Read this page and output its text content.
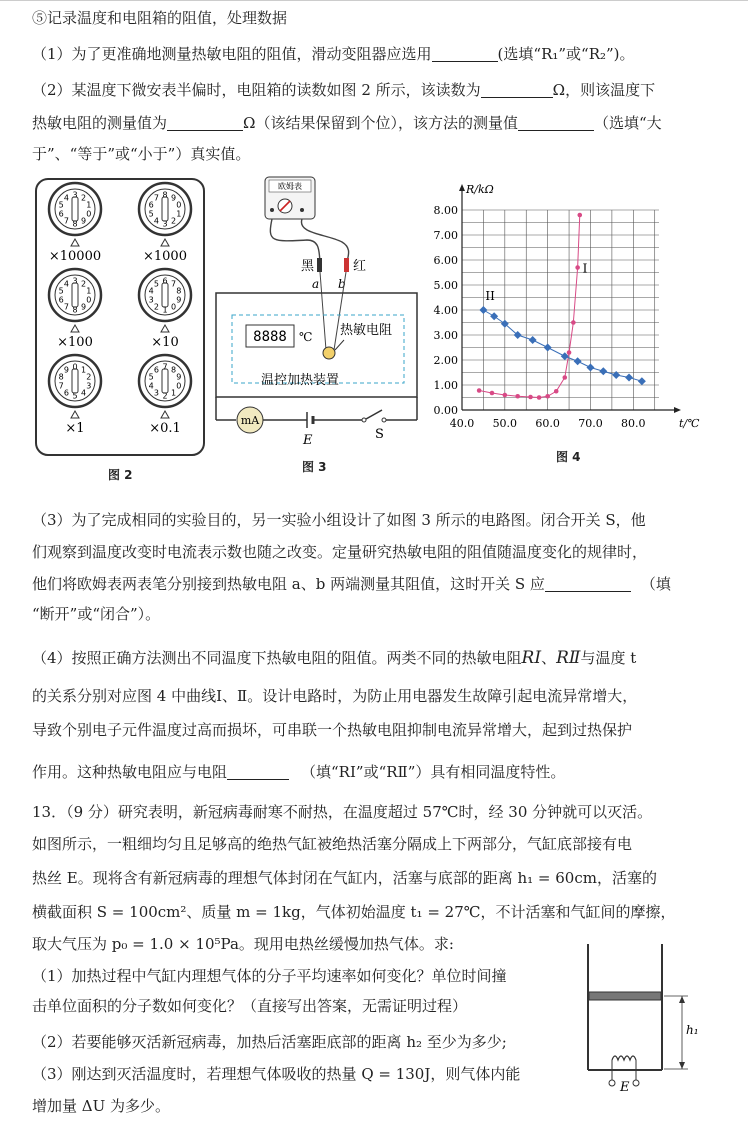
⑤记录温度和电阻箱的阻值，处理数据
（1）为了更准确地测量热敏电阻的阻值，滑动变阻器应选用	(选填“R₁”或“R₂”)。
（2）某温度下微安表半偏时，电阻箱的读数如图 2 所示，该读数为	Ω，则该温度下
热敏电阻的测量值为	Ω（该结果保留到个位），该方法的测量值	（选填“大
于”、“等于”或“小于”）真实值。
8
7
6
5
4 3 2
1
0
9
×10000
3
4
5
6
7 8 9
0
1
2
×1000
8
7
6
5
4 3 2
1
0
9
×100
1
2
3
4
5 6 7
8
9
0
×10
5
6
7
8
9 0 1
2
3
4
×1
2
3
4
5
6 7 8
9
0
1
×0.1
图 2
欧姆表
黑	红
a b
8888 ℃ 热敏电阻
温控加热装置
mA
E	S
图 3
0.00
1.00
2.00
3.00
4.00
5.00
6.00
7.00
8.00
40.0 50.0 60.0 70.0 80.0
R/kΩ
t/℃
I
II
图 4
（3）为了完成相同的实验目的，另一实验小组设计了如图 3 所示的电路图。闭合开关 S，他
们观察到温度改变时电流表示数也随之改变。定量研究热敏电阻的阻值随温度变化的规律时，
他们将欧姆表两表笔分别接到热敏电阻 a、b 两端测量其阻值，这时开关 S 应	（填
“断开”或“闭合”）。
（4）按照正确方法测出不同温度下热敏电阻的阻值。两类不同的热敏电阻RⅠ、RⅡ与温度 t
的关系分别对应图 4 中曲线Ⅰ、Ⅱ。设计电路时，为防止用电器发生故障引起电流异常增大，
导致个别电子元件温度过高而损坏，可串联一个热敏电阻抑制电流异常增大，起到过热保护
作用。这种热敏电阻应与电阻	（填“RⅠ”或“RⅡ”）具有相同温度特性。
13．（9 分）研究表明，新冠病毒耐寒不耐热，在温度超过 57℃时，经 30 分钟就可以灭活。
如图所示，一粗细均匀且足够高的绝热气缸被绝热活塞分隔成上下两部分，气缸底部接有电
热丝 E。现将含有新冠病毒的理想气体封闭在气缸内，活塞与底部的距离 h₁ = 60cm，活塞的
横截面积 S = 100cm²、质量 m = 1kg，气体初始温度 t₁ = 27℃，不计活塞和气缸间的摩擦，
取大气压为 p₀ = 1.0 × 10⁵Pa。现用电热丝缓慢加热气体。求:
（1）加热过程中气缸内理想气体的分子平均速率如何变化？单位时间撞
击单位面积的分子数如何变化？（直接写出答案，无需证明过程）
（2）若要能够灭活新冠病毒，加热后活塞距底部的距离 h₂ 至少为多少;
（3）刚达到灭活温度时，若理想气体吸收的热量 Q = 130J，则气体内能
增加量 ΔU 为多少。
h₁
E
